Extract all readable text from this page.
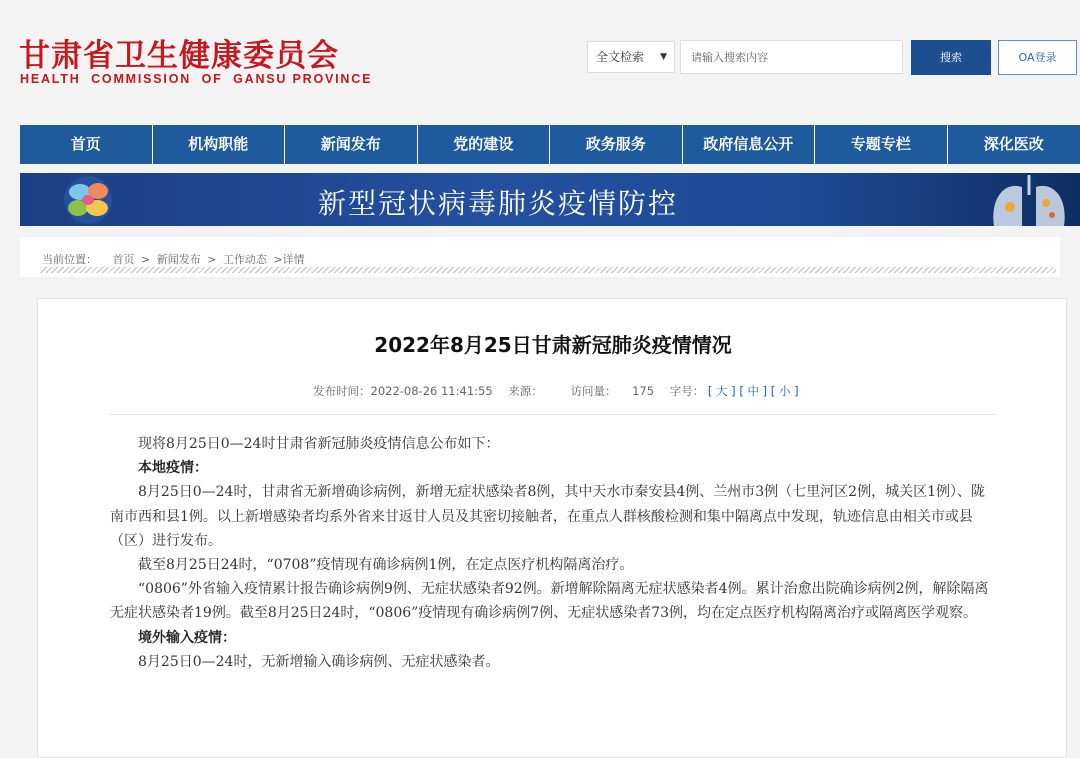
甘肃省卫生健康委员会
HEALTH  COMMISSION  OF  GANSU PROVINCE
全文检索 ▼
请输入搜索内容	搜索	OA登录
首页	机构职能	新闻发布	党的建设	政务服务	政府信息公开	专题专栏	深化医改
新型冠状病毒肺炎疫情防控
当前位置： 首页 > 新闻发布 > 工作动态 >详情
2022年8月25日甘肃新冠肺炎疫情情况
发布时间：2022-08-26 11:41:55 来源： 访问量： 175 字号： [ 大 ] [ 中 ] [ 小 ]

现将8月25日0—24时甘肃省新冠肺炎疫情信息公布如下：

本地疫情：

8月25日0—24时，甘肃省无新增确诊病例，新增无症状感染者8例，其中天水市秦安县4例、兰州市3例（七里河区2例，城关区1例）、陇南市西和县1例。以上新增感染者均系外省来甘返甘人员及其密切接触者，在重点人群核酸检测和集中隔离点中发现，轨迹信息由相关市或县（区）进行发布。

截至8月25日24时，“0708”疫情现有确诊病例1例，在定点医疗机构隔离治疗。

“0806”外省输入疫情累计报告确诊病例9例、无症状感染者92例。新增解除隔离无症状感染者4例。累计治愈出院确诊病例2例，解除隔离无症状感染者19例。截至8月25日24时，“0806”疫情现有确诊病例7例、无症状感染者73例，均在定点医疗机构隔离治疗或隔离医学观察。

境外输入疫情：

8月25日0—24时，无新增输入确诊病例、无症状感染者。
